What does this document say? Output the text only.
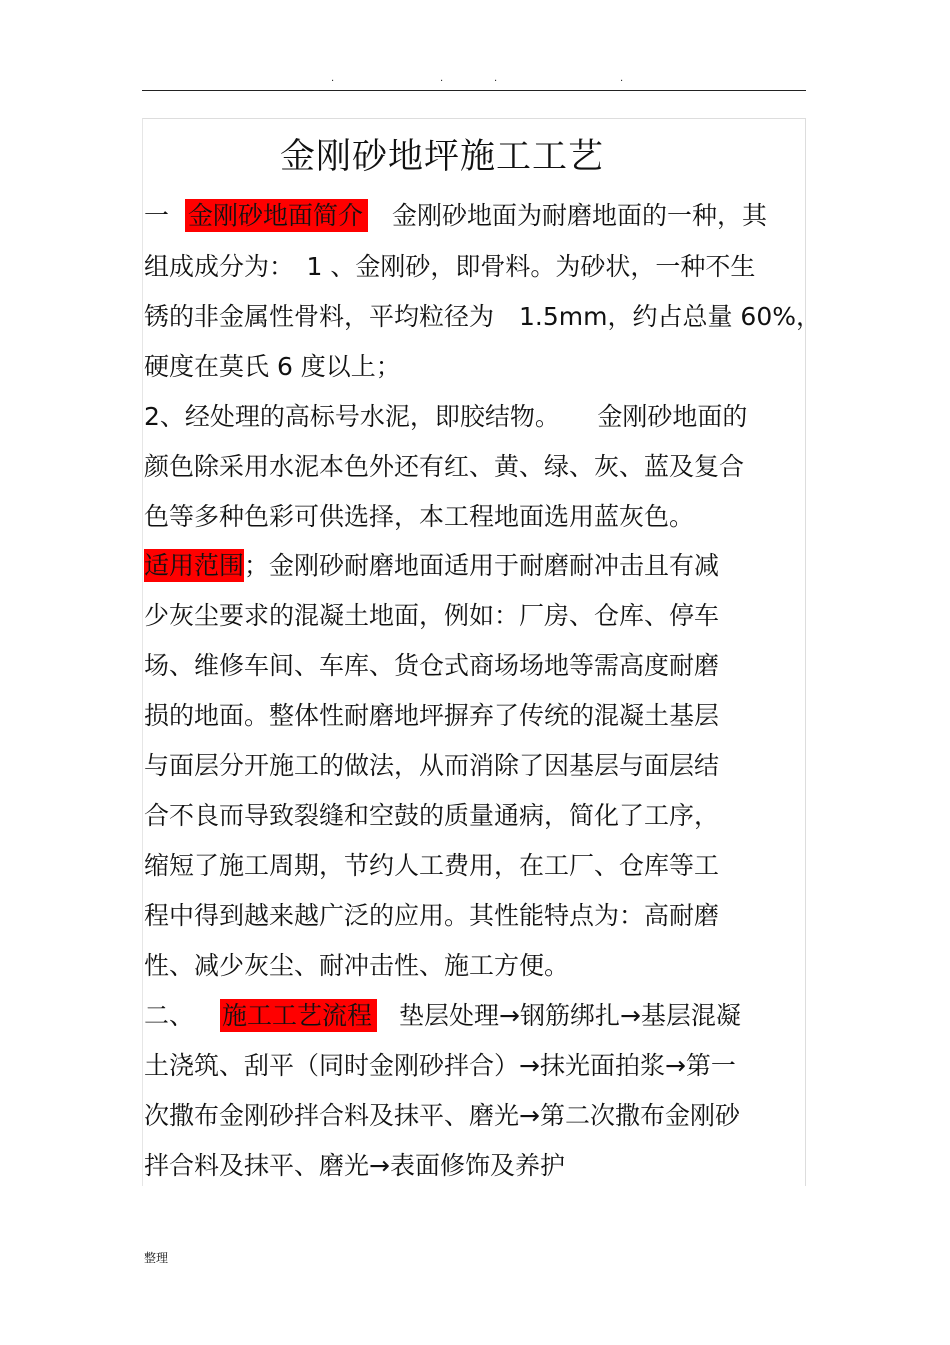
.	.	.	.
金刚砂地坪施工工艺
一 金刚砂地面简介 金刚砂地面为耐磨地面的一种，其
组成成分为：　1 、金刚砂，即骨料。为砂状，一种不生
锈的非金属性骨料，平均粒径为　1.5mm，约占总量 60%，
硬度在莫氏 6 度以上；
2、经处理的高标号水泥，即胶结物。　　金刚砂地面的
颜色除采用水泥本色外还有红、黄、绿、灰、蓝及复合
色等多种色彩可供选择，本工程地面选用蓝灰色。
适用范围；金刚砂耐磨地面适用于耐磨耐冲击且有减
少灰尘要求的混凝土地面，例如：厂房、仓库、停车
场、维修车间、车库、货仓式商场场地等需高度耐磨
损的地面。整体性耐磨地坪摒弃了传统的混凝土基层
与面层分开施工的做法，从而消除了因基层与面层结
合不良而导致裂缝和空鼓的质量通病，简化了工序，
缩短了施工周期，节约人工费用，在工厂、仓库等工
程中得到越来越广泛的应用。其性能特点为：高耐磨
性、减少灰尘、耐冲击性、施工方便。
二、 施工工艺流程 垫层处理→钢筋绑扎→基层混凝
土浇筑、刮平（同时金刚砂拌合）→抹光面拍浆→第一
次撒布金刚砂拌合料及抹平、磨光→第二次撒布金刚砂
拌合料及抹平、磨光→表面修饰及养护
整理
